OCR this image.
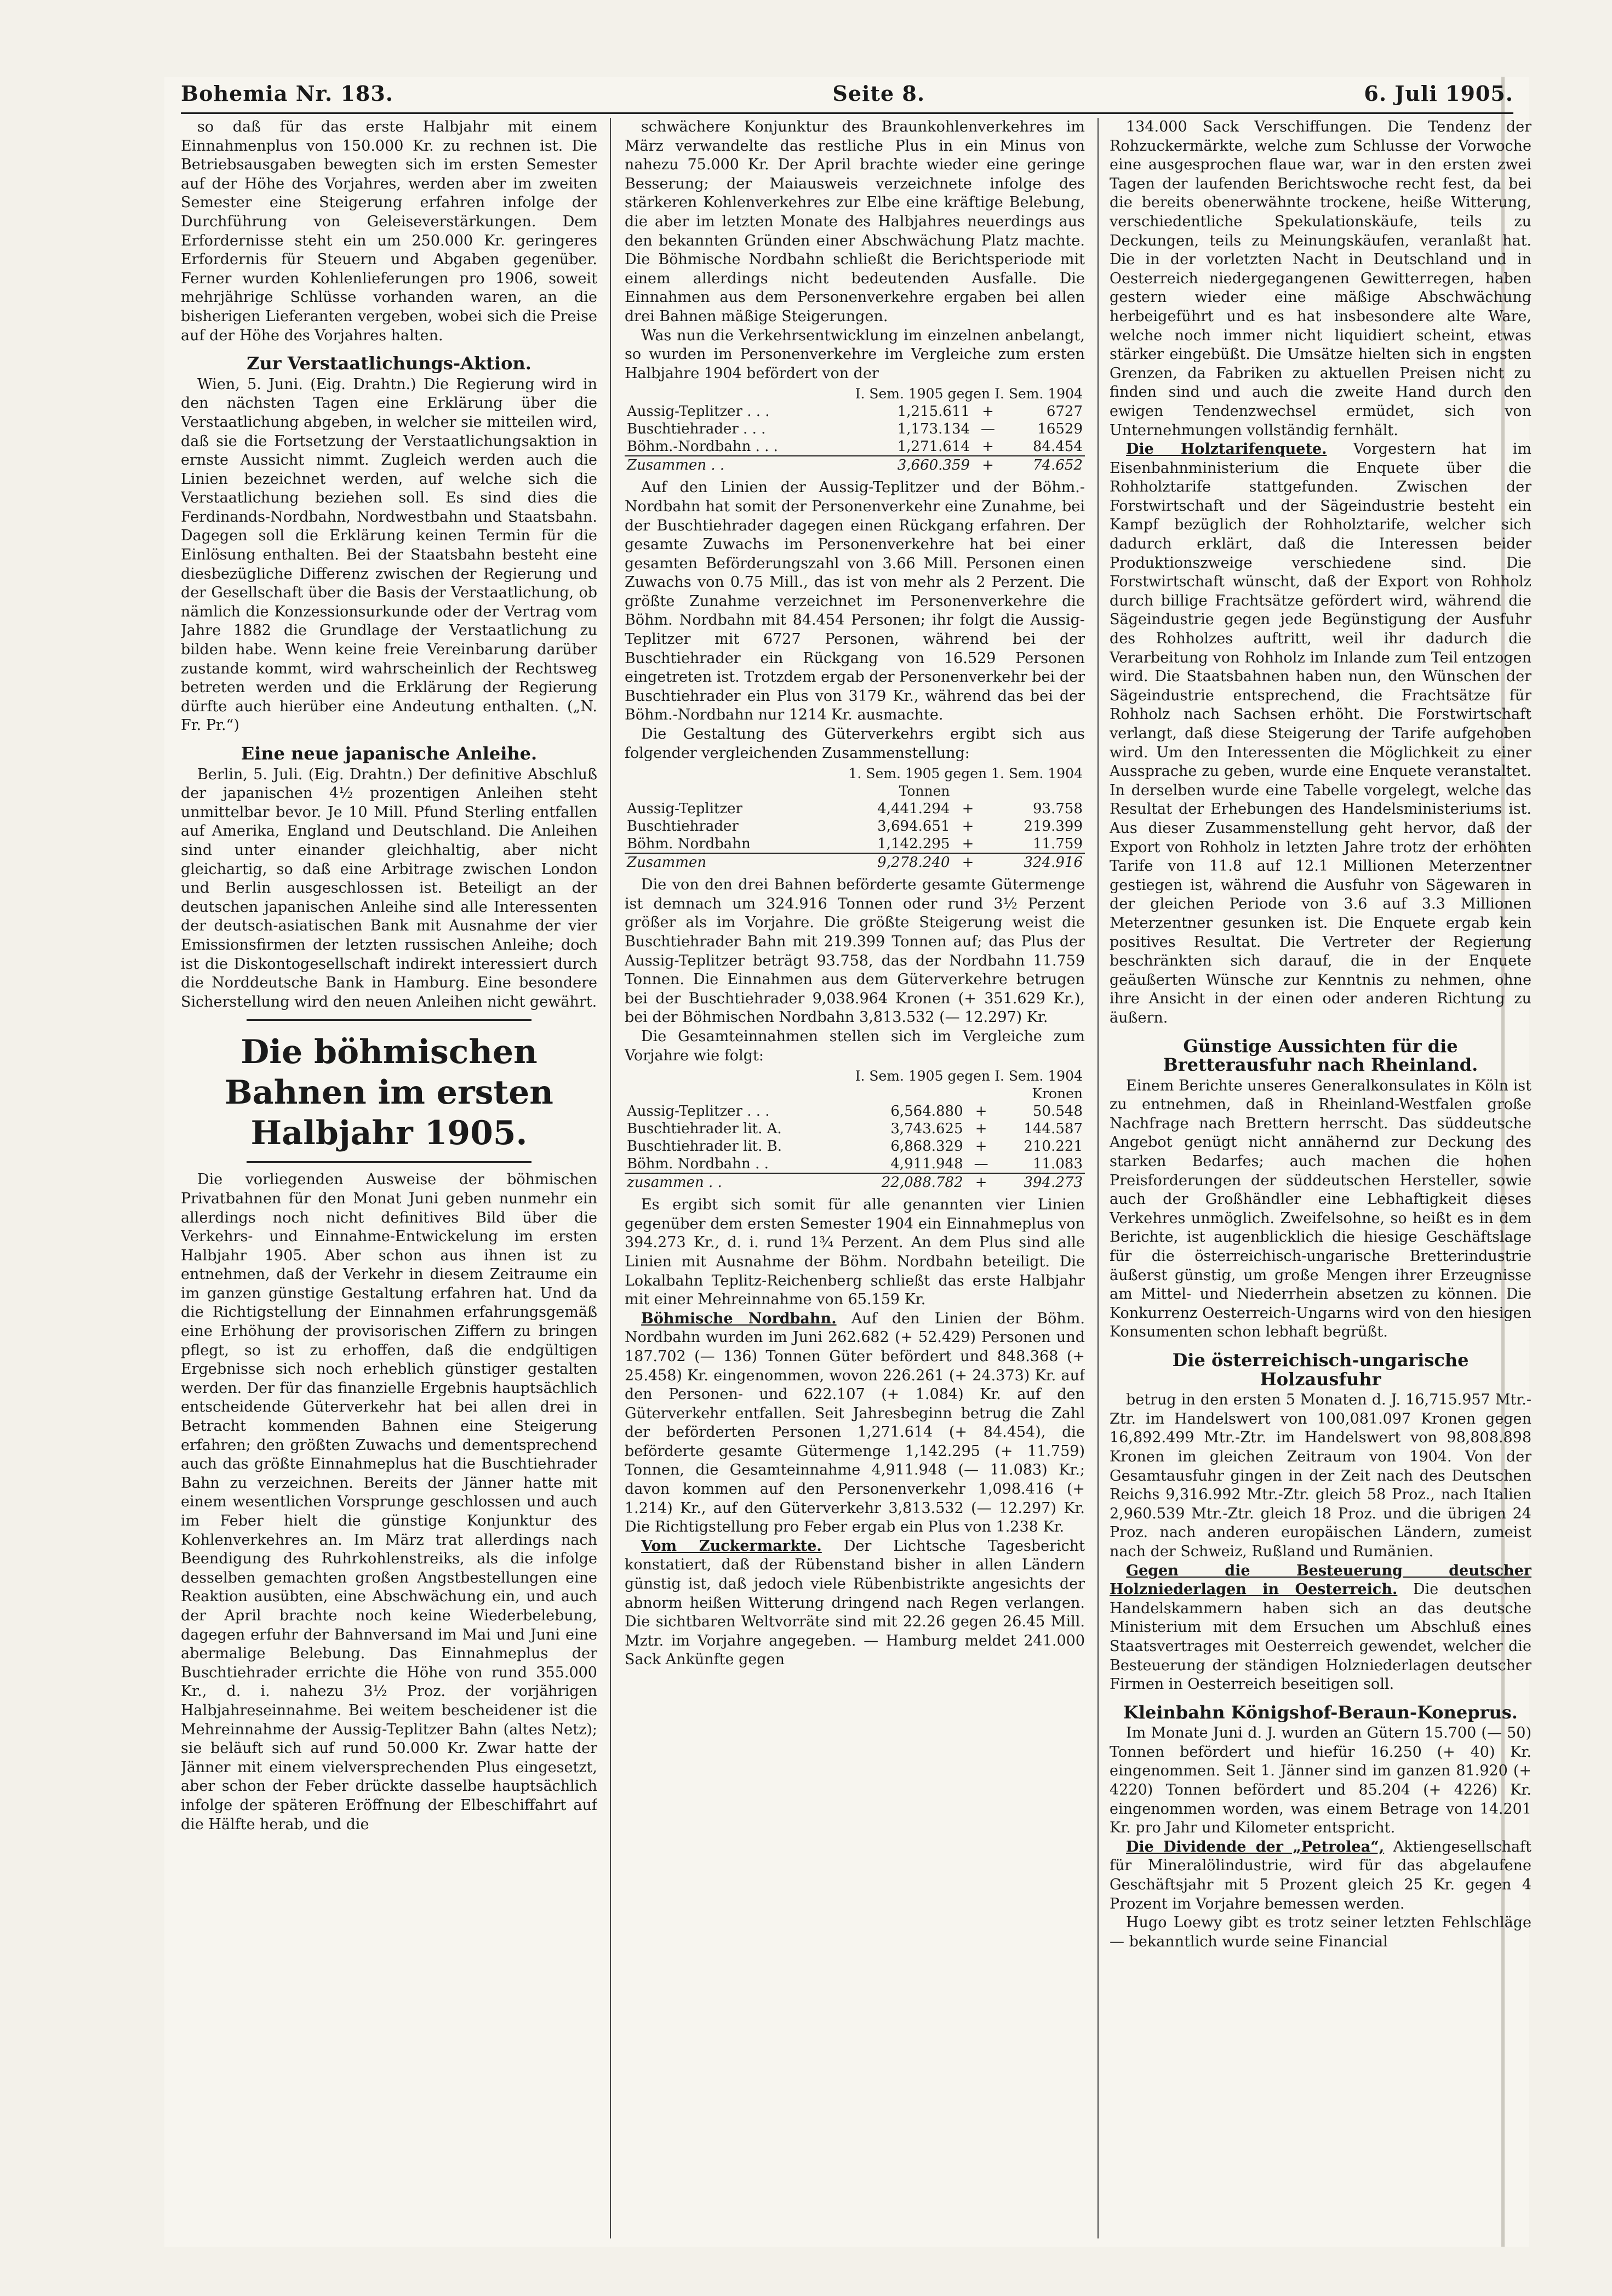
Bohemia Nr. 183.	Seite 8.	6. Juli 1905.

so daß für das erste Halbjahr mit einem Einnahmenplus von 150.000 Kr. zu rechnen ist. Die Betriebsausgaben bewegten sich im ersten Semester auf der Höhe des Vorjahres, werden aber im zweiten Semester eine Steigerung erfahren infolge der Durchführung von Geleiseverstärkungen. Dem Erfordernisse steht ein um 250.000 Kr. geringeres Erfordernis für Steuern und Abgaben gegenüber. Ferner wurden Kohlenlieferungen pro 1906, soweit mehrjährige Schlüsse vorhanden waren, an die bisherigen Lieferanten vergeben, wobei sich die Preise auf der Höhe des Vorjahres halten.

Zur Verstaatlichungs-Aktion.

Wien, 5. Juni. (Eig. Drahtn.) Die Regierung wird in den nächsten Tagen eine Erklärung über die Verstaatlichung abgeben, in welcher sie mitteilen wird, daß sie die Fortsetzung der Verstaatlichungsaktion in ernste Aussicht nimmt. Zugleich werden auch die Linien bezeichnet werden, auf welche sich die Verstaatlichung beziehen soll. Es sind dies die Ferdinands-Nordbahn, Nordwestbahn und Staatsbahn. Dagegen soll die Erklärung keinen Termin für die Einlösung enthalten. Bei der Staatsbahn besteht eine diesbezügliche Differenz zwischen der Regierung und der Gesellschaft über die Basis der Verstaatlichung, ob nämlich die Konzessionsurkunde oder der Vertrag vom Jahre 1882 die Grundlage der Verstaatlichung zu bilden habe. Wenn keine freie Vereinbarung darüber zustande kommt, wird wahrscheinlich der Rechtsweg betreten werden und die Erklärung der Regierung dürfte auch hierüber eine Andeutung enthalten. („N. Fr. Pr.“)

Eine neue japanische Anleihe.

Berlin, 5. Juli. (Eig. Drahtn.) Der definitive Abschluß der japanischen 4½ prozentigen Anleihen steht unmittelbar bevor. Je 10 Mill. Pfund Sterling entfallen auf Amerika, England und Deutschland. Die Anleihen sind unter einander gleichhaltig, aber nicht gleichartig, so daß eine Arbitrage zwischen London und Berlin ausgeschlossen ist. Beteiligt an der deutschen japanischen Anleihe sind alle Interessenten der deutsch-asiatischen Bank mit Ausnahme der vier Emissionsfirmen der letzten russischen Anleihe; doch ist die Diskontogesellschaft indirekt interessiert durch die Norddeutsche Bank in Hamburg. Eine besondere Sicherstellung wird den neuen Anleihen nicht gewährt.

Die böhmischen Bahnen im ersten Halbjahr 1905.

Die vorliegenden Ausweise der böhmischen Privatbahnen für den Monat Juni geben nunmehr ein allerdings noch nicht definitives Bild über die Verkehrs- und Einnahme-Entwickelung im ersten Halbjahr 1905. Aber schon aus ihnen ist zu entnehmen, daß der Verkehr in diesem Zeitraume ein im ganzen günstige Gestaltung erfahren hat. Und da die Richtigstellung der Einnahmen erfahrungsgemäß eine Erhöhung der provisorischen Ziffern zu bringen pflegt, so ist zu erhoffen, daß die endgültigen Ergebnisse sich noch erheblich günstiger gestalten werden. Der für das finanzielle Ergebnis hauptsächlich entscheidende Güterverkehr hat bei allen drei in Betracht kommenden Bahnen eine Steigerung erfahren; den größten Zuwachs und dementsprechend auch das größte Einnahmeplus hat die Buschtiehrader Bahn zu verzeichnen. Bereits der Jänner hatte mit einem wesentlichen Vorsprunge geschlossen und auch im Feber hielt die günstige Konjunktur des Kohlenverkehres an. Im März trat allerdings nach Beendigung des Ruhrkohlenstreiks, als die infolge desselben gemachten großen Angstbestellungen eine Reaktion ausübten, eine Abschwächung ein, und auch der April brachte noch keine Wiederbelebung, dagegen erfuhr der Bahnversand im Mai und Juni eine abermalige Belebung. Das Einnahmeplus der Buschtiehrader errichte die Höhe von rund 355.000 Kr., d. i. nahezu 3½ Proz. der vorjährigen Halbjahreseinnahme. Bei weitem bescheidener ist die Mehreinnahme der Aussig-Teplitzer Bahn (altes Netz); sie beläuft sich auf rund 50.000 Kr. Zwar hatte der Jänner mit einem vielversprechenden Plus eingesetzt, aber schon der Feber drückte dasselbe hauptsächlich infolge der späteren Eröffnung der Elbeschiffahrt auf die Hälfte herab, und die

schwächere Konjunktur des Braunkohlenverkehres im März verwandelte das restliche Plus in ein Minus von nahezu 75.000 Kr. Der April brachte wieder eine geringe Besserung; der Maiausweis verzeichnete infolge des stärkeren Kohlenverkehres zur Elbe eine kräftige Belebung, die aber im letzten Monate des Halbjahres neuerdings aus den bekannten Gründen einer Abschwächung Platz machte. Die Böhmische Nordbahn schließt die Berichtsperiode mit einem allerdings nicht bedeutenden Ausfalle. Die Einnahmen aus dem Personenverkehre ergaben bei allen drei Bahnen mäßige Steigerungen.

Was nun die Verkehrsentwicklung im einzelnen anbelangt, so wurden im Personenverkehre im Vergleiche zum ersten Halbjahre 1904 befördert von der

I. Sem. 1905 gegen I. Sem. 1904			
Aussig-Teplitzer . . .	1,215.611	+	6727
Buschtiehrader . . .	1,173.134	—	16529
Böhm.-Nordbahn . . .	1,271.614	+	84.454
Zusammen . .	3,660.359	+	74.652

Auf den Linien der Aussig-Teplitzer und der Böhm.-Nordbahn hat somit der Personenverkehr eine Zunahme, bei der Buschtiehrader dagegen einen Rückgang erfahren. Der gesamte Zuwachs im Personenverkehre hat bei einer gesamten Beförderungszahl von 3.66 Mill. Personen einen Zuwachs von 0.75 Mill., das ist von mehr als 2 Perzent. Die größte Zunahme verzeichnet im Personenverkehre die Böhm. Nordbahn mit 84.454 Personen; ihr folgt die Aussig-Teplitzer mit 6727 Personen, während bei der Buschtiehrader ein Rückgang von 16.529 Personen eingetreten ist. Trotzdem ergab der Personenverkehr bei der Buschtiehrader ein Plus von 3179 Kr., während das bei der Böhm.-Nordbahn nur 1214 Kr. ausmachte.

Die Gestaltung des Güterverkehrs ergibt sich aus folgender vergleichenden Zusammenstellung:

1. Sem. 1905 gegen 1. Sem. 1904			
Tonnen			
Aussig-Teplitzer	4,441.294	+	93.758
Buschtiehrader	3,694.651	+	219.399
Böhm. Nordbahn	1,142.295	+	11.759
Zusammen	9,278.240	+	324.916

Die von den drei Bahnen beförderte gesamte Gütermenge ist demnach um 324.916 Tonnen oder rund 3½ Perzent größer als im Vorjahre. Die größte Steigerung weist die Buschtiehrader Bahn mit 219.399 Tonnen auf; das Plus der Aussig-Teplitzer beträgt 93.758, das der Nordbahn 11.759 Tonnen. Die Einnahmen aus dem Güterverkehre betrugen bei der Buschtiehrader 9,038.964 Kronen (+ 351.629 Kr.), bei der Böhmischen Nordbahn 3,813.532 (— 12.297) Kr.

Die Gesamteinnahmen stellen sich im Vergleiche zum Vorjahre wie folgt:

I. Sem. 1905 gegen I. Sem. 1904			
Kronen			
Aussig-Teplitzer . . .	6,564.880	+	50.548
Buschtiehrader lit. A.	3,743.625	+	144.587
Buschtiehrader lit. B.	6,868.329	+	210.221
Böhm. Nordbahn . .	4,911.948	—	11.083
zusammen . .	22,088.782	+	394.273

Es ergibt sich somit für alle genannten vier Linien gegenüber dem ersten Semester 1904 ein Einnahmeplus von 394.273 Kr., d. i. rund 1¾ Perzent. An dem Plus sind alle Linien mit Ausnahme der Böhm. Nordbahn beteiligt. Die Lokalbahn Teplitz-Reichenberg schließt das erste Halbjahr mit einer Mehreinnahme von 65.159 Kr.

Böhmische Nordbahn. Auf den Linien der Böhm. Nordbahn wurden im Juni 262.682 (+ 52.429) Personen und 187.702 (— 136) Tonnen Güter befördert und 848.368 (+ 25.458) Kr. eingenommen, wovon 226.261 (+ 24.373) Kr. auf den Personen- und 622.107 (+ 1.084) Kr. auf den Güterverkehr entfallen. Seit Jahresbeginn betrug die Zahl der beförderten Personen 1,271.614 (+ 84.454), die beförderte gesamte Gütermenge 1,142.295 (+ 11.759) Tonnen, die Gesamteinnahme 4,911.948 (— 11.083) Kr.; davon kommen auf den Personenverkehr 1,098.416 (+ 1.214) Kr., auf den Güterverkehr 3,813.532 (— 12.297) Kr. Die Richtigstellung pro Feber ergab ein Plus von 1.238 Kr.

Vom Zuckermarkte. Der Lichtsche Tagesbericht konstatiert, daß der Rübenstand bisher in allen Ländern günstig ist, daß jedoch viele Rübenbistrikte angesichts der abnorm heißen Witterung dringend nach Regen verlangen. Die sichtbaren Weltvorräte sind mit 22.26 gegen 26.45 Mill. Mztr. im Vorjahre angegeben. — Hamburg meldet 241.000 Sack Ankünfte gegen

134.000 Sack Verschiffungen. Die Tendenz der Rohzuckermärkte, welche zum Schlusse der Vorwoche eine ausgesprochen flaue war, war in den ersten zwei Tagen der laufenden Berichtswoche recht fest, da bei die bereits obenerwähnte trockene, heiße Witterung, verschiedentliche Spekulationskäufe, teils zu Deckungen, teils zu Meinungskäufen, veranlaßt hat. Die in der vorletzten Nacht in Deutschland und in Oesterreich niedergegangenen Gewitterregen, haben gestern wieder eine mäßige Abschwächung herbeigeführt und es hat insbesondere alte Ware, welche noch immer nicht liquidiert scheint, etwas stärker eingebüßt. Die Umsätze hielten sich in engsten Grenzen, da Fabriken zu aktuellen Preisen nicht zu finden sind und auch die zweite Hand durch den ewigen Tendenzwechsel ermüdet, sich von Unternehmungen vollständig fernhält.

Die Holztarifenquete. Vorgestern hat im Eisenbahnministerium die Enquete über die Rohholztarife stattgefunden. Zwischen der Forstwirtschaft und der Sägeindustrie besteht ein Kampf bezüglich der Rohholztarife, welcher sich dadurch erklärt, daß die Interessen beider Produktionszweige verschiedene sind. Die Forstwirtschaft wünscht, daß der Export von Rohholz durch billige Frachtsätze gefördert wird, während die Sägeindustrie gegen jede Begünstigung der Ausfuhr des Rohholzes auftritt, weil ihr dadurch die Verarbeitung von Rohholz im Inlande zum Teil entzogen wird. Die Staatsbahnen haben nun, den Wünschen der Sägeindustrie entsprechend, die Frachtsätze für Rohholz nach Sachsen erhöht. Die Forstwirtschaft verlangt, daß diese Steigerung der Tarife aufgehoben wird. Um den Interessenten die Möglichkeit zu einer Aussprache zu geben, wurde eine Enquete veranstaltet. In derselben wurde eine Tabelle vorgelegt, welche das Resultat der Erhebungen des Handelsministeriums ist. Aus dieser Zusammenstellung geht hervor, daß der Export von Rohholz in letzten Jahre trotz der erhöhten Tarife von 11.8 auf 12.1 Millionen Meterzentner gestiegen ist, während die Ausfuhr von Sägewaren in der gleichen Periode von 3.6 auf 3.3 Millionen Meterzentner gesunken ist. Die Enquete ergab kein positives Resultat. Die Vertreter der Regierung beschränkten sich darauf, die in der Enquete geäußerten Wünsche zur Kenntnis zu nehmen, ohne ihre Ansicht in der einen oder anderen Richtung zu äußern.

Günstige Aussichten für die Bretterausfuhr nach Rheinland.

Einem Berichte unseres Generalkonsulates in Köln ist zu entnehmen, daß in Rheinland-Westfalen große Nachfrage nach Brettern herrscht. Das süddeutsche Angebot genügt nicht annähernd zur Deckung des starken Bedarfes; auch machen die hohen Preisforderungen der süddeutschen Hersteller, sowie auch der Großhändler eine Lebhaftigkeit dieses Verkehres unmöglich. Zweifelsohne, so heißt es in dem Berichte, ist augenblicklich die hiesige Geschäftslage für die österreichisch-ungarische Bretterindustrie äußerst günstig, um große Mengen ihrer Erzeugnisse am Mittel- und Niederrhein absetzen zu können. Die Konkurrenz Oesterreich-Ungarns wird von den hiesigen Konsumenten schon lebhaft begrüßt.

Die österreichisch-ungarische Holzausfuhr

betrug in den ersten 5 Monaten d. J. 16,715.957 Mtr.-Ztr. im Handelswert von 100,081.097 Kronen gegen 16,892.499 Mtr.-Ztr. im Handelswert von 98,808.898 Kronen im gleichen Zeitraum von 1904. Von der Gesamtausfuhr gingen in der Zeit nach des Deutschen Reichs 9,316.992 Mtr.-Ztr. gleich 58 Proz., nach Italien 2,960.539 Mtr.-Ztr. gleich 18 Proz. und die übrigen 24 Proz. nach anderen europäischen Ländern, zumeist nach der Schweiz, Rußland und Rumänien.

Gegen die Besteuerung deutscher Holzniederlagen in Oesterreich. Die deutschen Handelskammern haben sich an das deutsche Ministerium mit dem Ersuchen um Abschluß eines Staatsvertrages mit Oesterreich gewendet, welcher die Besteuerung der ständigen Holzniederlagen deutscher Firmen in Oesterreich beseitigen soll.

Kleinbahn Königshof-Beraun-Koneprus.

Im Monate Juni d. J. wurden an Gütern 15.700 (— 50) Tonnen befördert und hiefür 16.250 (+ 40) Kr. eingenommen. Seit 1. Jänner sind im ganzen 81.920 (+ 4220) Tonnen befördert und 85.204 (+ 4226) Kr. eingenommen worden, was einem Betrage von 14.201 Kr. pro Jahr und Kilometer entspricht.

Die Dividende der „Petrolea“, Aktiengesellschaft für Mineralölindustrie, wird für das abgelaufene Geschäftsjahr mit 5 Prozent gleich 25 Kr. gegen 4 Prozent im Vorjahre bemessen werden.

Hugo Loewy gibt es trotz seiner letzten Fehlschläge — bekanntlich wurde seine Financial
